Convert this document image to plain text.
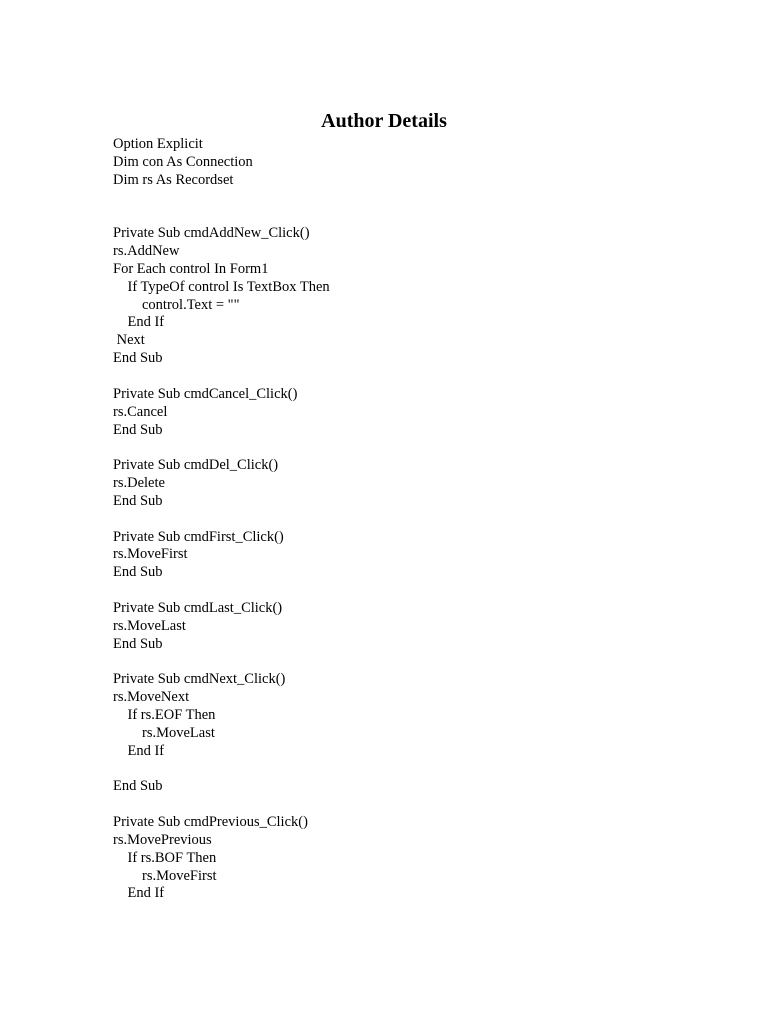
Author Details
Option Explicit
Dim con As Connection
Dim rs As Recordset
Private Sub cmdAddNew_Click()
rs.AddNew
For Each control In Form1
If TypeOf control Is TextBox Then
control.Text = ""
End If
Next
End Sub
Private Sub cmdCancel_Click()
rs.Cancel
End Sub
Private Sub cmdDel_Click()
rs.Delete
End Sub
Private Sub cmdFirst_Click()
rs.MoveFirst
End Sub
Private Sub cmdLast_Click()
rs.MoveLast
End Sub
Private Sub cmdNext_Click()
rs.MoveNext
If rs.EOF Then
rs.MoveLast
End If
End Sub
Private Sub cmdPrevious_Click()
rs.MovePrevious
If rs.BOF Then
rs.MoveFirst
End If
